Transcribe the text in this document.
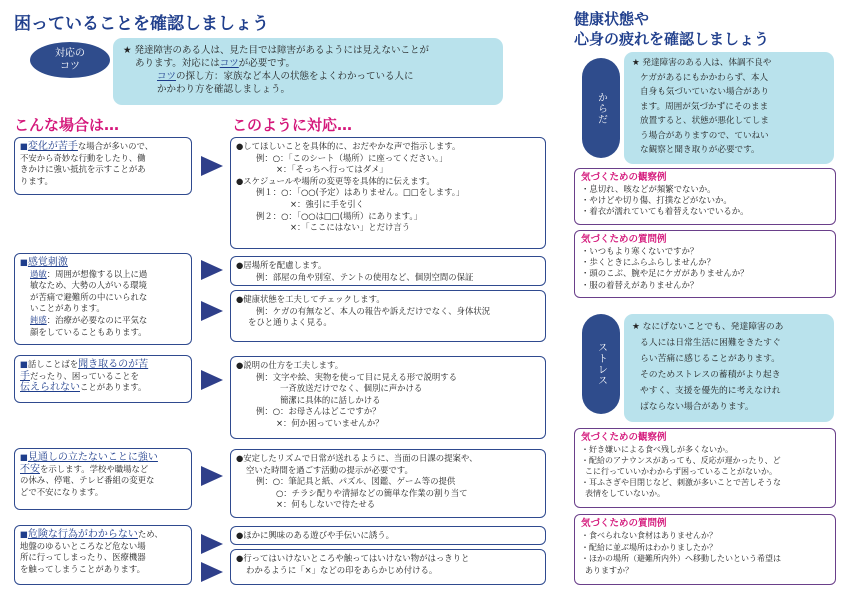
困っていることを確認しましょう
対応の
コツ
★ 発達障害のある人は、見た目では障害があるようには見えないことが
あります。対応にはコツが必要です。
コツの探し方：家族など本人の状態をよくわかっている人に
かかわり方を確認しましょう。
こんな場合は…	このように対応…
■変化が苦手な場合が多いので、
不安から奇妙な行動をしたり、働
きかけに強い抵抗を示すことがあ
ります。

●してほしいことを具体的に、おだやかな声で指示します。

例：○：「このシート（場所）に座ってください。」

×：「そっちへ行ってはダメ」

●スケジュールや場所の変更等を具体的に伝えます。

例１：○：「○○(予定）はありません。□□をします。」

×：強引に手を引く

例２：○：「○○は□□(場所）にあります。」

×：「ここにはない」とだけ言う

■感覚刺激
過敏：周囲が想像する以上に過
敏なため、大勢の人がいる環境
が苦痛で避難所の中にいられな
いことがあります。
鈍感：治療が必要なのに平気な
顔をしていることもあります。

●居場所を配慮します。

例：部屋の角や別室、テントの使用など、個別空間の保証

●健康状態を工夫してチェックします。

例：ケガの有無など、本人の報告や訴えだけでなく、身体状況

をひと通りよく見る。

■話しことばを聞き取るのが苦
手だったり、困っていることを
伝えられないことがあります。

●説明の仕方を工夫します。

例：文字や絵、実物を使って目に見える形で説明する

一斉放送だけでなく、個別に声かける

簡潔に具体的に話しかける

例：○：お母さんはどこですか？

×：何か困っていませんか？

■見通しの立たないことに強い
不安を示します。学校や職場など
の休み、停電、テレビ番組の変更な
どで不安になります。

●安定したリズムで日常が送れるように、当面の日課の提案や、

空いた時間を過ごす活動の提示が必要です。

例：○：筆記具と紙、パズル、図鑑、ゲーム等の提供

○：チラシ配りや清掃などの簡単な作業の割り当て

×：何もしないで待たせる

■危険な行為がわからないため、
地盤のゆるいところなど危ない場
所に行ってしまったり、医療機器
を触ってしまうことがあります。

●ほかに興味のある遊びや手伝いに誘う。

●行ってはいけないところや触ってはいけない物がはっきりと

わかるように「×」などの印をあらかじめ付ける。

健康状態や
心身の疲れを確認しましょう
からだ
★ 発達障害のある人は、体調不良や
ケガがあるにもかかわらず、本人
自身も気づいていない場合があり
ます。周囲が気づかずにそのまま
放置すると、状態が悪化してしま
う場合がありますので、ていねい
な観察と聞き取りが必要です。
気づくための観察例
・息切れ、咳などが頻繁でないか。
・やけどや切り傷、打撲などがないか。
・着衣が濡れていても着替えないでいるか。
気づくための質問例
・いつもより寒くないですか？
・歩くときにふらふらしませんか？
・頭のこぶ、腕や足にケガがありませんか？
・服の着替えがありませんか？
ストレス
★ なにげないことでも、発達障害のあ
る人には日常生活に困難をきたすぐ
らい苦痛に感じることがあります。
そのためストレスの蓄積がより起き
やすく、支援を優先的に考えなけれ
ばならない場合があります。
気づくための観察例
・好き嫌いによる食べ残しが多くないか。
・配給のアナウンスがあっても、反応が遅かったり、ど
こに行っていいかわからず困っていることがないか。
・耳ふさぎや目閉じなど、刺激が多いことで苦しそうな
表情をしていないか。
気づくための質問例
・食べられない食材はありませんか？
・配給に並ぶ場所はわかりましたか？
・ほかの場所（避難所内外）へ移動したいという希望は
ありますか？
